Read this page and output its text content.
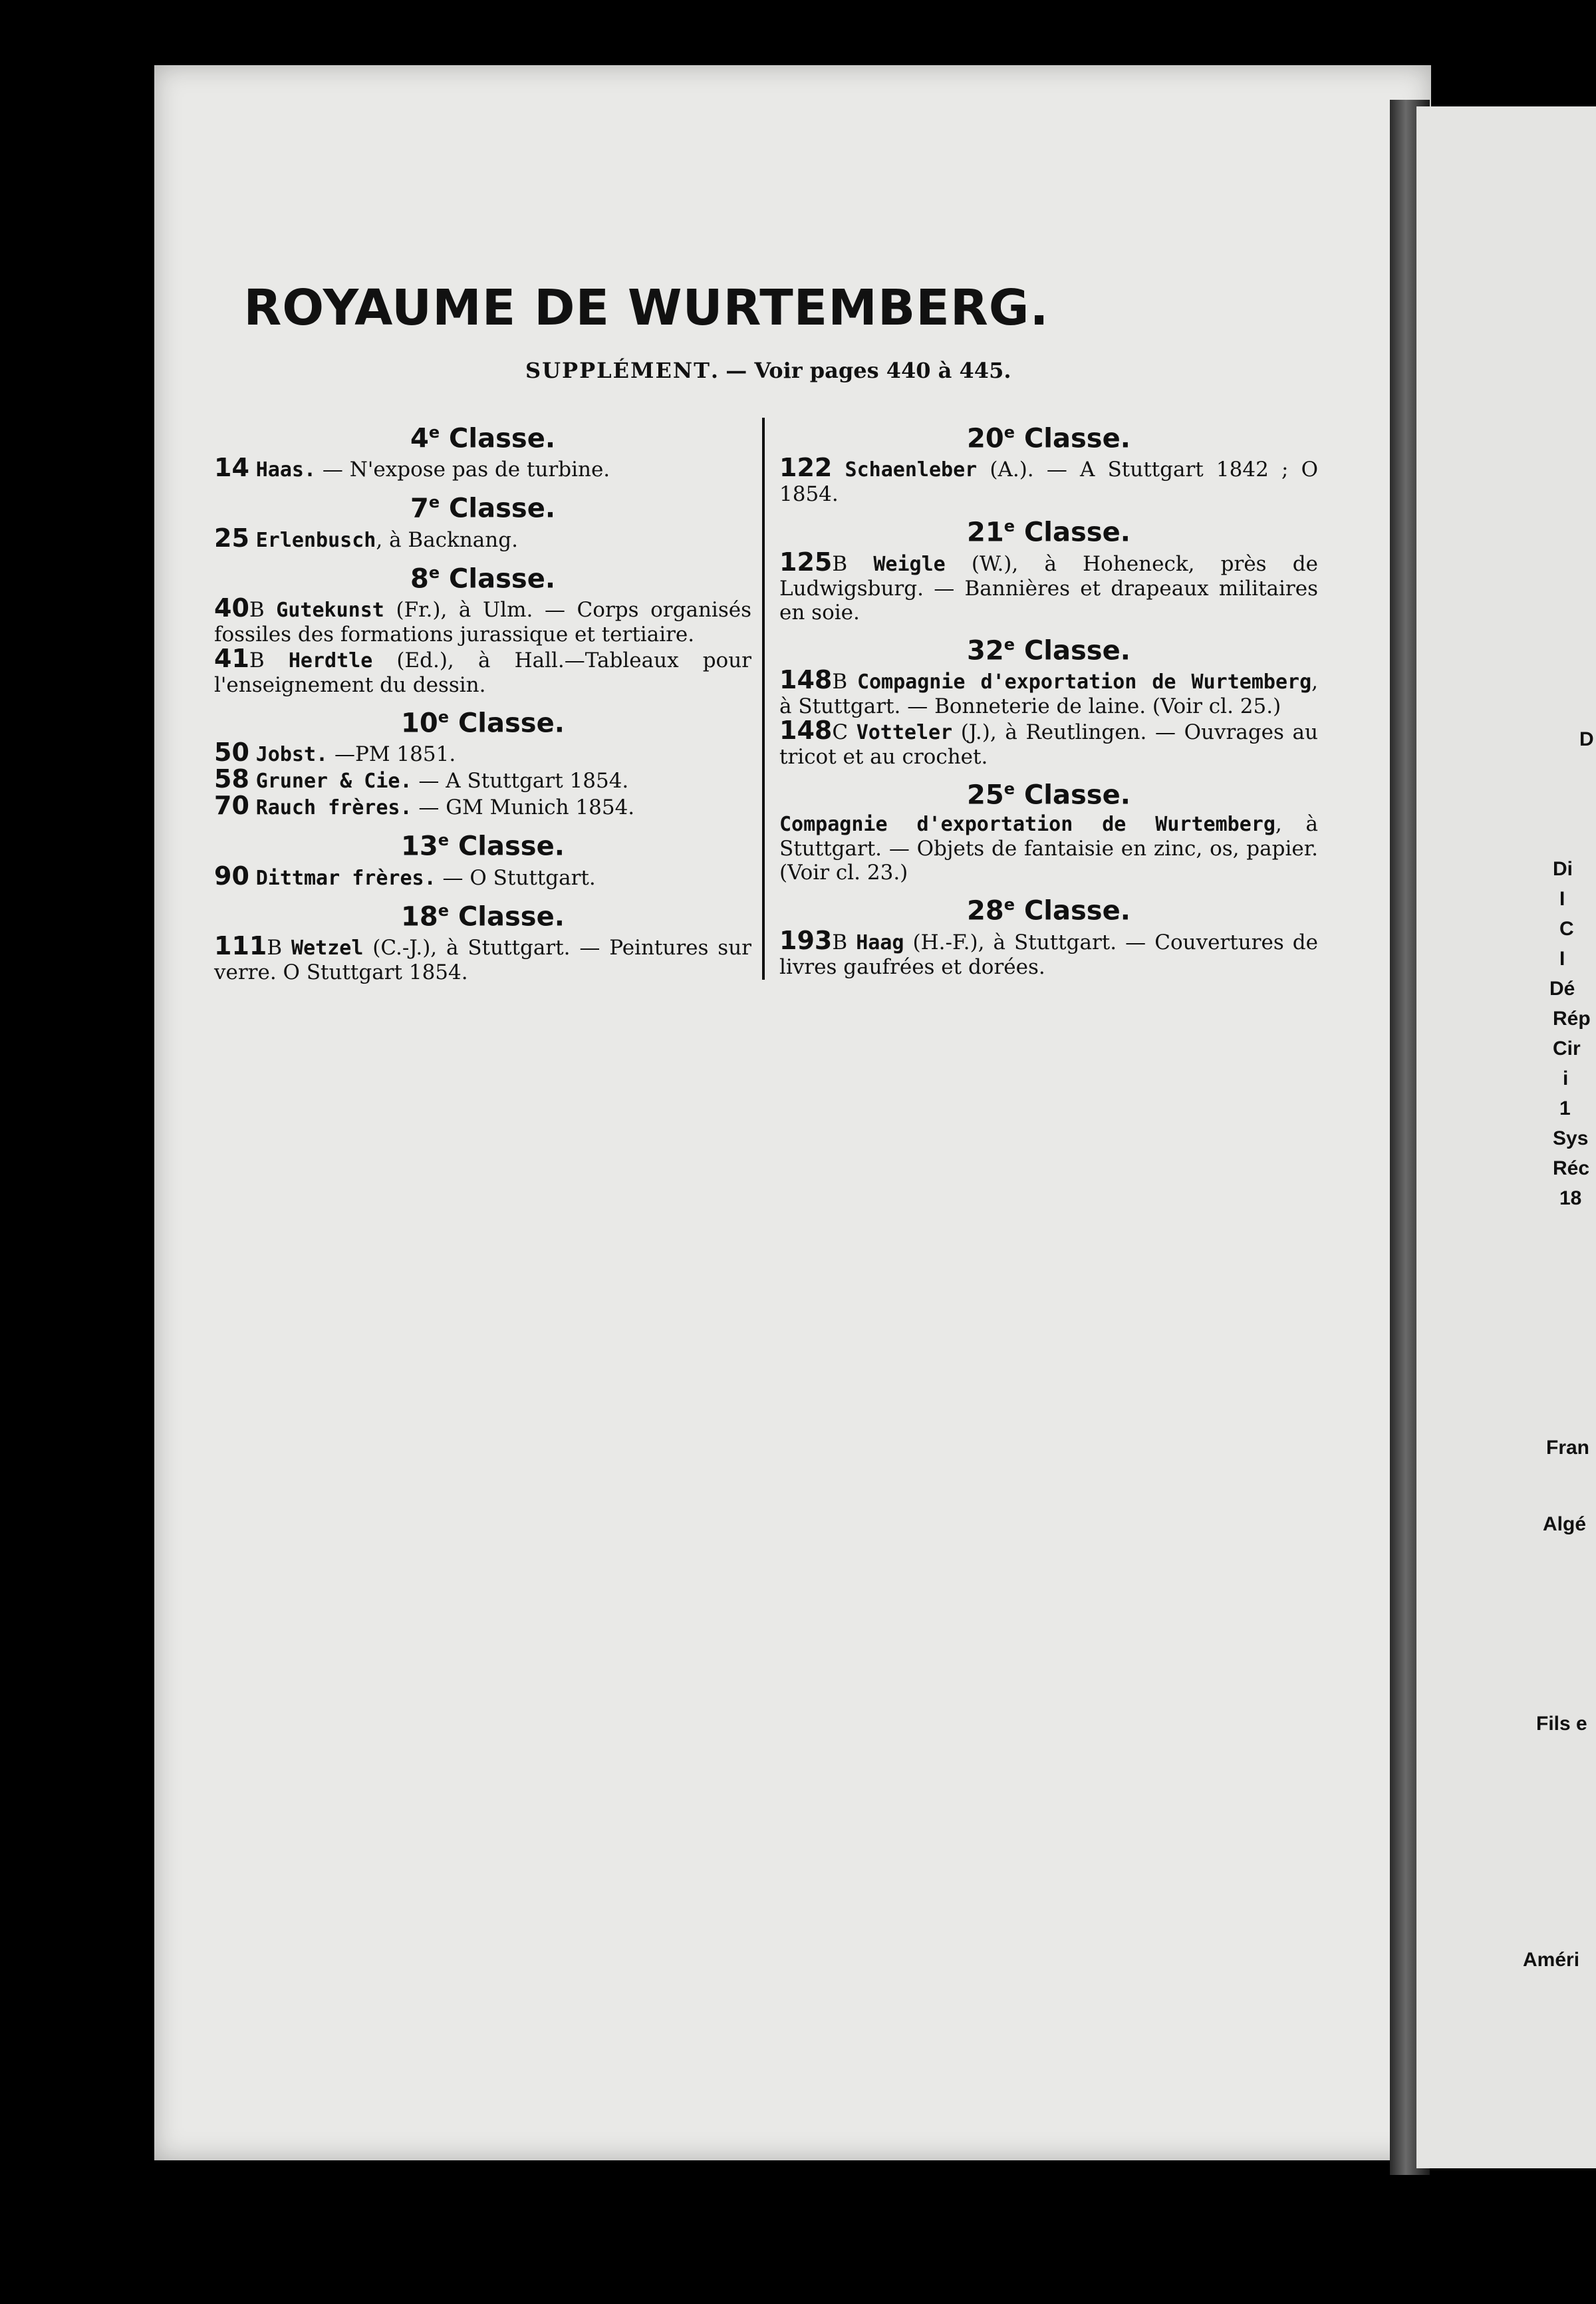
D
Di
I
C
I
Dé
Rép
Cir
i
1
Sys
Réc
18
Fran
Algé
Fils e
Améri
ROYAUME DE WURTEMBERG.
SUPPLÉMENT. — Voir pages 440 à 445.
4e Classe.

14 Haas. — N'expose pas de turbine.

7e Classe.

25 Erlenbusch, à Backnang.

8e Classe.

40B Gutekunst (Fr.), à Ulm. — Corps organisés fossiles des formations jurassique et tertiaire.

41B Herdtle (Ed.), à Hall.—Tableaux pour l'enseignement du dessin.

10e Classe.

50 Jobst. —PM 1851.

58 Gruner & Cie. — A Stuttgart 1854.

70 Rauch frères. — GM Munich 1854.

13e Classe.

90 Dittmar frères. — O Stuttgart.

18e Classe.

111B Wetzel (C.-J.), à Stuttgart. — Peintures sur verre. O Stuttgart 1854.

20e Classe.

122 Schaenleber (A.). — A Stuttgart 1842 ; O 1854.

21e Classe.

125B Weigle (W.), à Hoheneck, près de Ludwigsburg. — Bannières et drapeaux militaires en soie.

32e Classe.

148B Compagnie d'exportation de Wurtemberg, à Stuttgart. — Bonneterie de laine. (Voir cl. 25.)

148C Votteler (J.), à Reutlingen. — Ouvrages au tricot et au crochet.

25e Classe.

Compagnie d'exportation de Wurtemberg, à Stuttgart. — Objets de fantaisie en zinc, os, papier. (Voir cl. 23.)

28e Classe.

193B Haag (H.-F.), à Stuttgart. — Couvertures de livres gaufrées et dorées.
